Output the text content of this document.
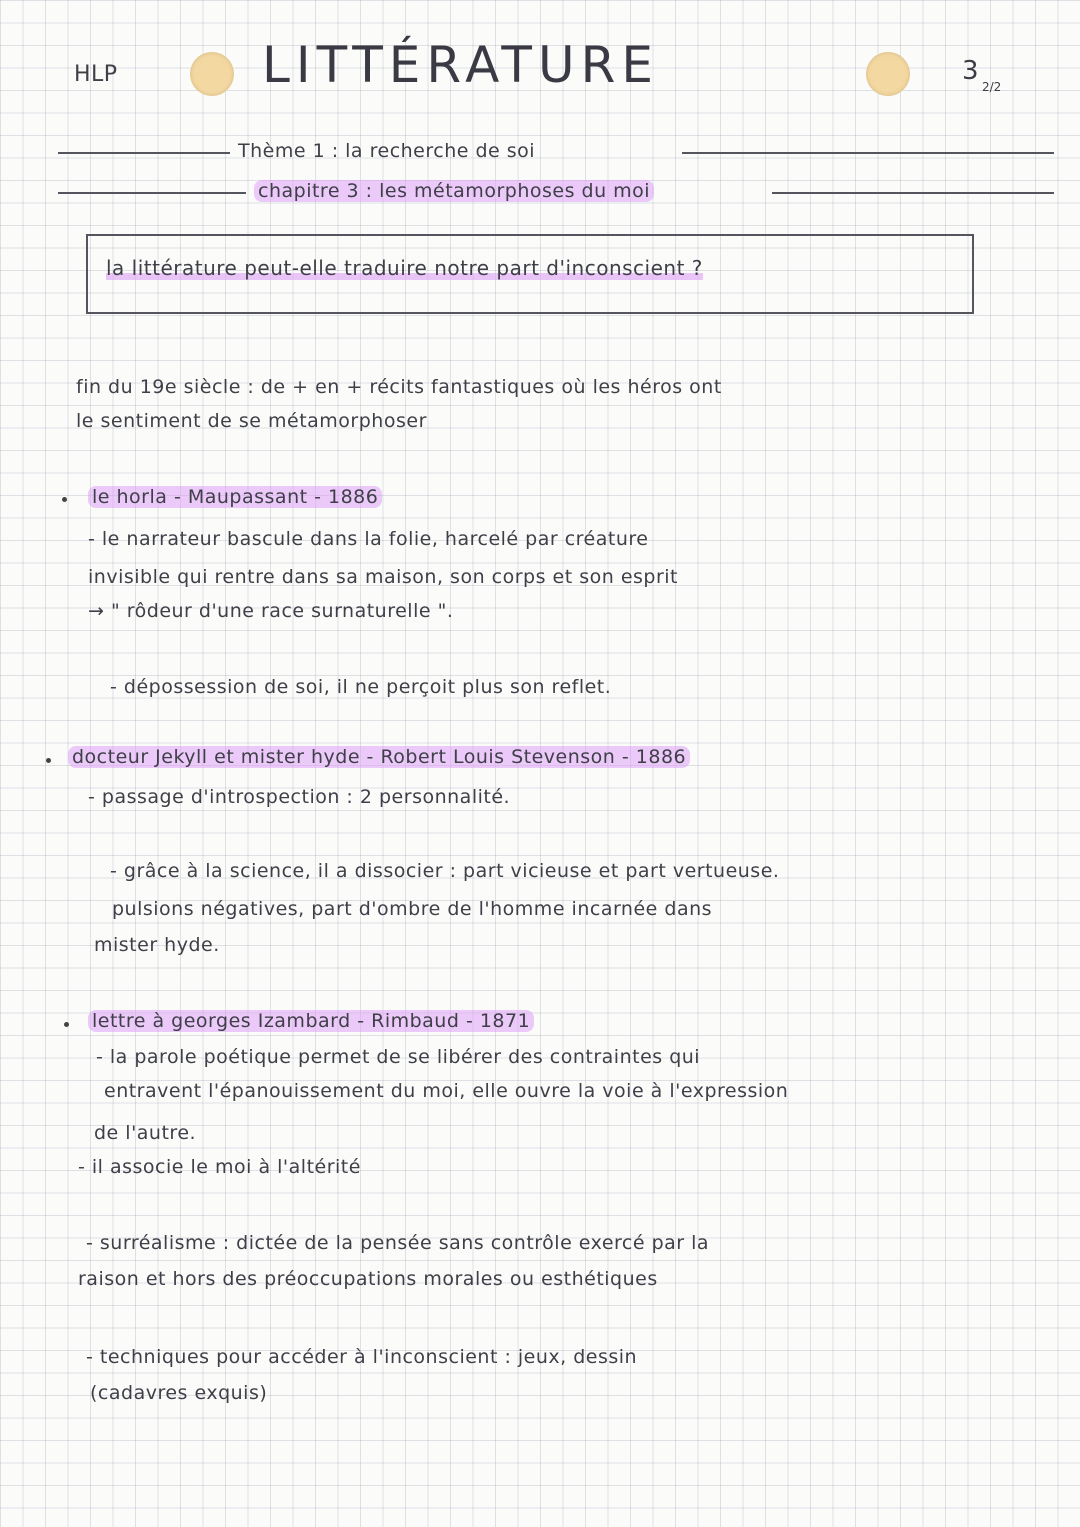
HLP	LITTÉRATURE	3
2/2
Thème 1 : la recherche de soi
chapitre 3 : les métamorphoses du moi
la littérature peut-elle traduire notre part d'inconscient ?
fin du 19e siècle : de + en + récits fantastiques où les héros ont
le sentiment de se métamorphoser
le horla - Maupassant - 1886
- le narrateur bascule dans la folie, harcelé par créature
invisible qui rentre dans sa maison, son corps et son esprit
→ " rôdeur d'une race surnaturelle ".
- dépossession de soi, il ne perçoit plus son reflet.
docteur Jekyll et mister hyde - Robert Louis Stevenson - 1886
- passage d'introspection : 2 personnalité.
- grâce à la science, il a dissocier : part vicieuse et part vertueuse.
pulsions négatives, part d'ombre de l'homme incarnée dans
mister hyde.
lettre à georges Izambard - Rimbaud - 1871
- la parole poétique permet de se libérer des contraintes qui
entravent l'épanouissement du moi, elle ouvre la voie à l'expression
de l'autre.
- il associe le moi à l'altérité
- surréalisme : dictée de la pensée sans contrôle exercé par la
raison et hors des préoccupations morales ou esthétiques
- techniques pour accéder à l'inconscient : jeux, dessin
(cadavres exquis)
